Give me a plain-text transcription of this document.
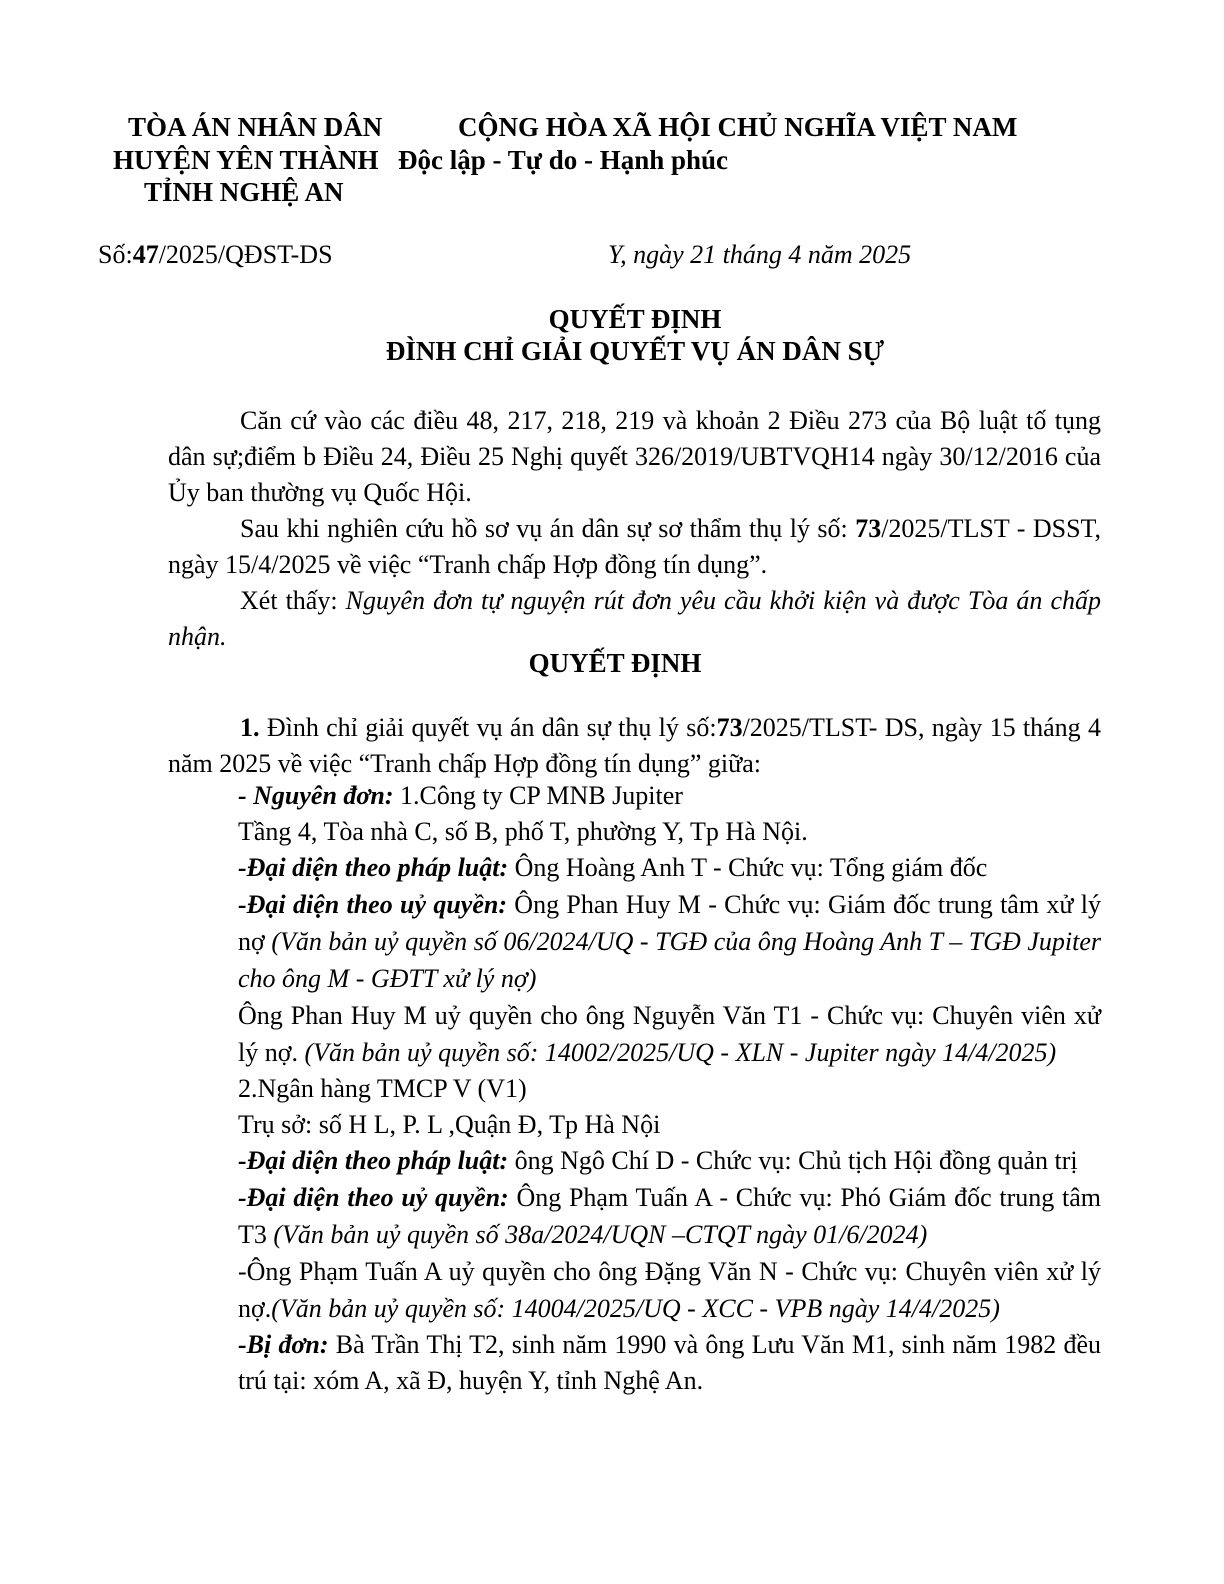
TÒA ÁN NHÂN DÂN
HUYỆN YÊN THÀNH
TỈNH NGHỆ AN
CỘNG HÒA XÃ HỘI CHỦ NGHĨA VIỆT NAM
Độc lập - Tự do - Hạnh phúc
Số:47/2025/QĐST-DS	Y, ngày 21 tháng 4 năm 2025
QUYẾT ĐỊNH
ĐÌNH CHỈ GIẢI QUYẾT VỤ ÁN DÂN SỰ

Căn cứ vào các điều 48, 217, 218, 219 và khoản 2 Điều 273 của Bộ luật tố tụng dân sự;điểm b Điều 24, Điều 25 Nghị quyết 326/2019/UBTVQH14 ngày 30/12/2016 của Ủy ban thường vụ Quốc Hội.

Sau khi nghiên cứu hồ sơ vụ án dân sự sơ thẩm thụ lý số: 73/2025/TLST - DSST, ngày 15/4/2025 về việc “Tranh chấp Hợp đồng tín dụng”.

Xét thấy: Nguyên đơn tự nguyện rút đơn yêu cầu khởi kiện và được Tòa án chấp nhận.

QUYẾT ĐỊNH

1. Đình chỉ giải quyết vụ án dân sự thụ lý số:73/2025/TLST- DS, ngày 15 tháng 4 năm 2025 về việc “Tranh chấp Hợp đồng tín dụng” giữa:

- Nguyên đơn: 1.Công ty CP MNB Jupiter

Tầng 4, Tòa nhà C, số B, phố T, phường Y, Tp Hà Nội.

-Đại diện theo pháp luật: Ông Hoàng Anh T - Chức vụ: Tổng giám đốc

-Đại diện theo uỷ quyền: Ông Phan Huy M - Chức vụ: Giám đốc trung tâm xử lý nợ (Văn bản uỷ quyền số 06/2024/UQ - TGĐ của ông Hoàng Anh T – TGĐ Jupiter cho ông M - GĐTT xử lý nợ)

Ông Phan Huy M uỷ quyền cho ông Nguyễn Văn T1 - Chức vụ: Chuyên viên xử lý nợ. (Văn bản uỷ quyền số: 14002/2025/UQ - XLN - Jupiter ngày 14/4/2025)

2.Ngân hàng TMCP V (V1)

Trụ sở: số H L, P. L ,Quận Đ, Tp Hà Nội

-Đại diện theo pháp luật: ông Ngô Chí D - Chức vụ: Chủ tịch Hội đồng quản trị

-Đại diện theo uỷ quyền: Ông Phạm Tuấn A - Chức vụ: Phó Giám đốc trung tâm T3 (Văn bản uỷ quyền số 38a/2024/UQN –CTQT ngày 01/6/2024)

-Ông Phạm Tuấn A uỷ quyền cho ông Đặng Văn N - Chức vụ: Chuyên viên xử lý nợ.(Văn bản uỷ quyền số: 14004/2025/UQ - XCC - VPB ngày 14/4/2025)

-Bị đơn: Bà Trần Thị T2, sinh năm 1990 và ông Lưu Văn M1, sinh năm 1982 đều trú tại: xóm A, xã Đ, huyện Y, tỉnh Nghệ An.
